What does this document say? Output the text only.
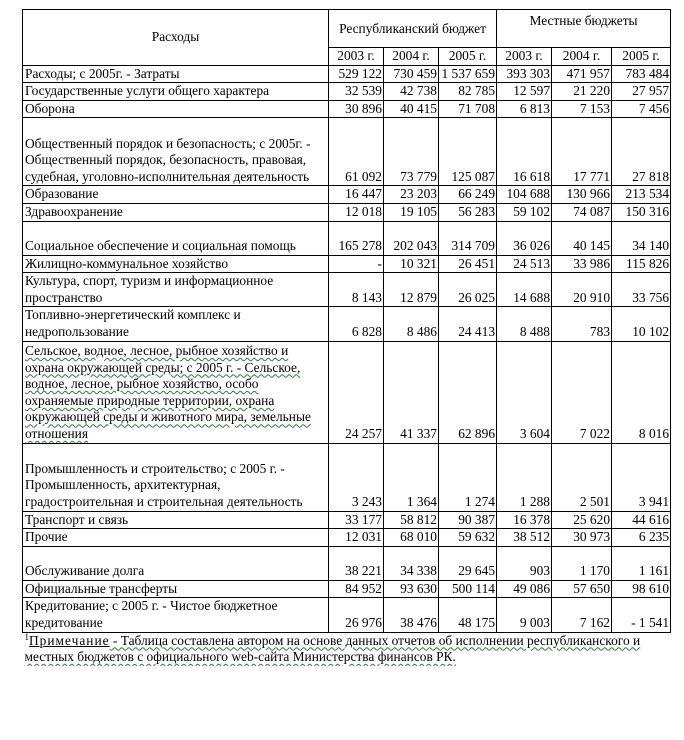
Расходы	Республиканский бюджет			Местные бюджеты		
	2003 г.	2004 г.	2005 г.	2003 г.	2004 г.	2005 г.
Расходы; с 2005г. - Затраты	529 122	730 459	1 537 659	393 303	471 957	783 484
Государственные услуги общего характера	32 539	42 738	82 785	12 597	21 220	27 957
Оборона	30 896	40 415	71 708	6 813	7 153	7 456
Общественный порядок и безопасность; с 2005г. - Общественный порядок, безопасность, правовая, судебная, уголовно-исполнительная деятельность	61 092	73 779	125 087	16 618	17 771	27 818
Образование	16 447	23 203	66 249	104 688	130 966	213 534
Здравоохранение	12 018	19 105	56 283	59 102	74 087	150 316
Социальное обеспечение и социальная помощь	165 278	202 043	314 709	36 026	40 145	34 140
Жилищно-коммунальное хозяйство	-	10 321	26 451	24 513	33 986	115 826
Культура, спорт, туризм и информационное пространство	8 143	12 879	26 025	14 688	20 910	33 756
Топливно-энергетический комплекс и недропользование	6 828	8 486	24 413	8 488	783	10 102
Сельское, водное, лесное, рыбное хозяйство и охрана окружающей среды; с 2005 г. - Сельское, водное, лесное, рыбное хозяйство, особо охраняемые природные территории, охрана окружающей среды и животного мира, земельные отношения	24 257	41 337	62 896	3 604	7 022	8 016
Промышленность и строительство; с 2005 г. - Промышленность, архитектурная, градостроительная и строительная деятельность	3 243	1 364	1 274	1 288	2 501	3 941
Транспорт и связь	33 177	58 812	90 387	16 378	25 620	44 616
Прочие	12 031	68 010	59 632	38 512	30 973	6 235
Обслуживание долга	38 221	34 338	29 645	903	1 170	1 161
Официальные трансферты	84 952	93 630	500 114	49 086	57 650	98 610
Кредитование; с 2005 г. - Чистое бюджетное кредитование	26 976	38 476	48 175	9 003	7 162	- 1 541
$^1$Примечание - Таблица составлена автором на основе данных отчетов об исполнении республиканского и местных бюджетов с официального web-сайта Министерства финансов РК.						
